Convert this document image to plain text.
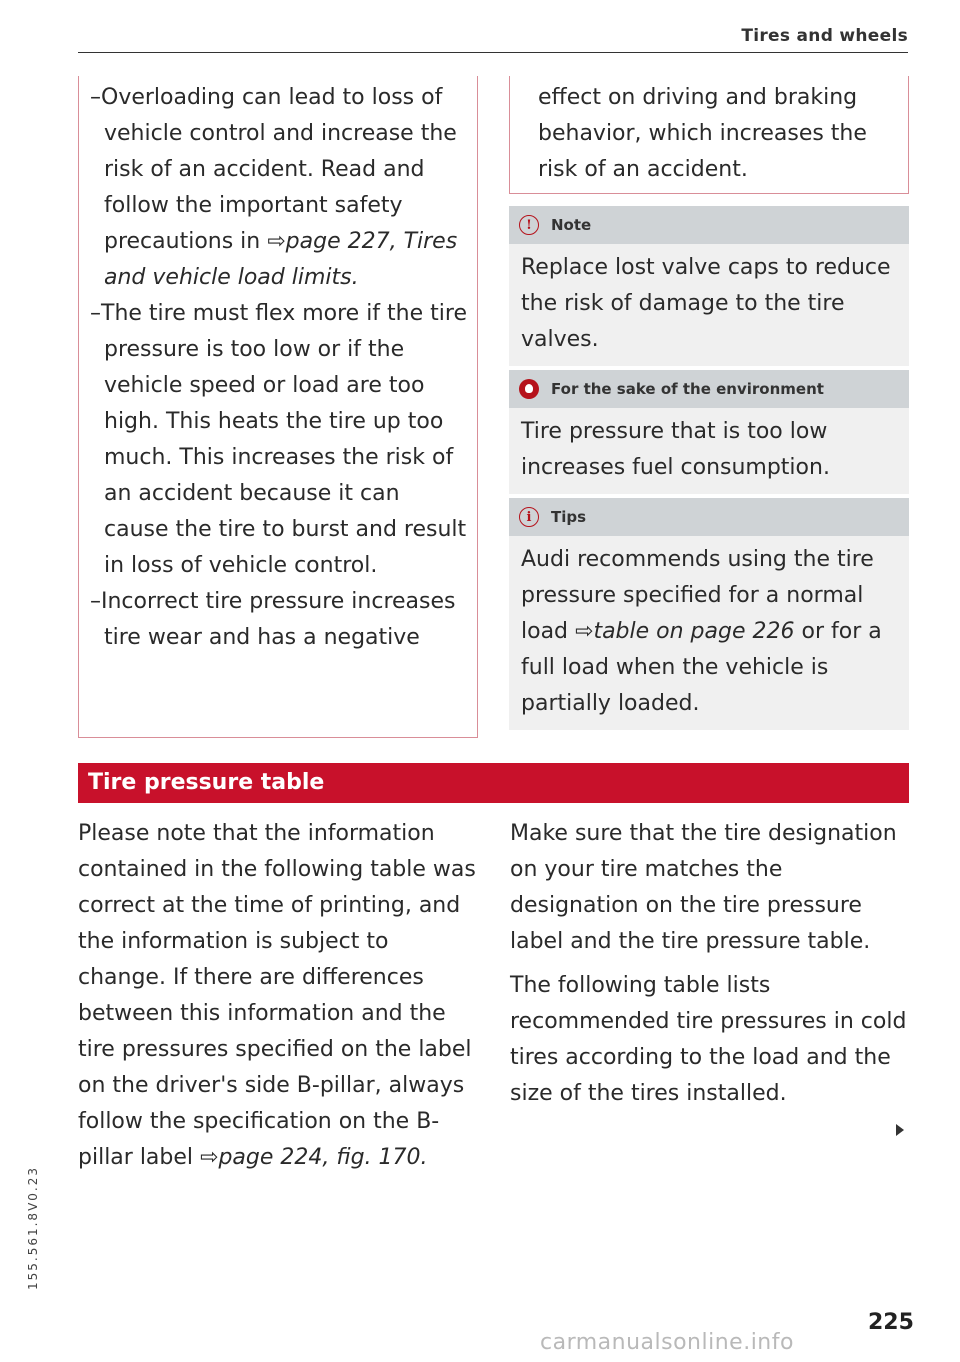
Tires and wheels
–Overloading can lead to loss of vehicle control and increase the risk of an accident. Read and follow the important safety precautions in ⇨page 227, Tires and vehicle load limits.
–The tire must flex more if the tire pressure is too low or if the vehicle speed or load are too high. This heats the tire up too much. This increases the risk of an accident because it can cause the tire to burst and result in loss of vehicle control.
–Incorrect tire pressure increases tire wear and has a negative
effect on driving and braking behavior, which increases the risk of an accident.
!	Note
Replace lost valve caps to reduce the risk of damage to the tire valves.
For the sake of the environment
Tire pressure that is too low increases fuel consumption.
i	Tips
Audi recommends using the tire pressure specified for a normal load ⇨table on page 226 or for a full load when the vehicle is partially loaded.
Tire pressure table
Please note that the information contained in the following table was correct at the time of printing, and the information is subject to change. If there are differences between this information and the tire pressures specified on the label on the driver's side B-pillar, always follow the specification on the B-pillar label ⇨page 224, fig. 170.

Make sure that the tire designation on your tire matches the designation on the tire pressure label and the tire pressure table.

The following table lists recommended tire pressures in cold tires according to the load and the size of the tires installed.

225
155.561.8V0.23
carmanualsonline.info
